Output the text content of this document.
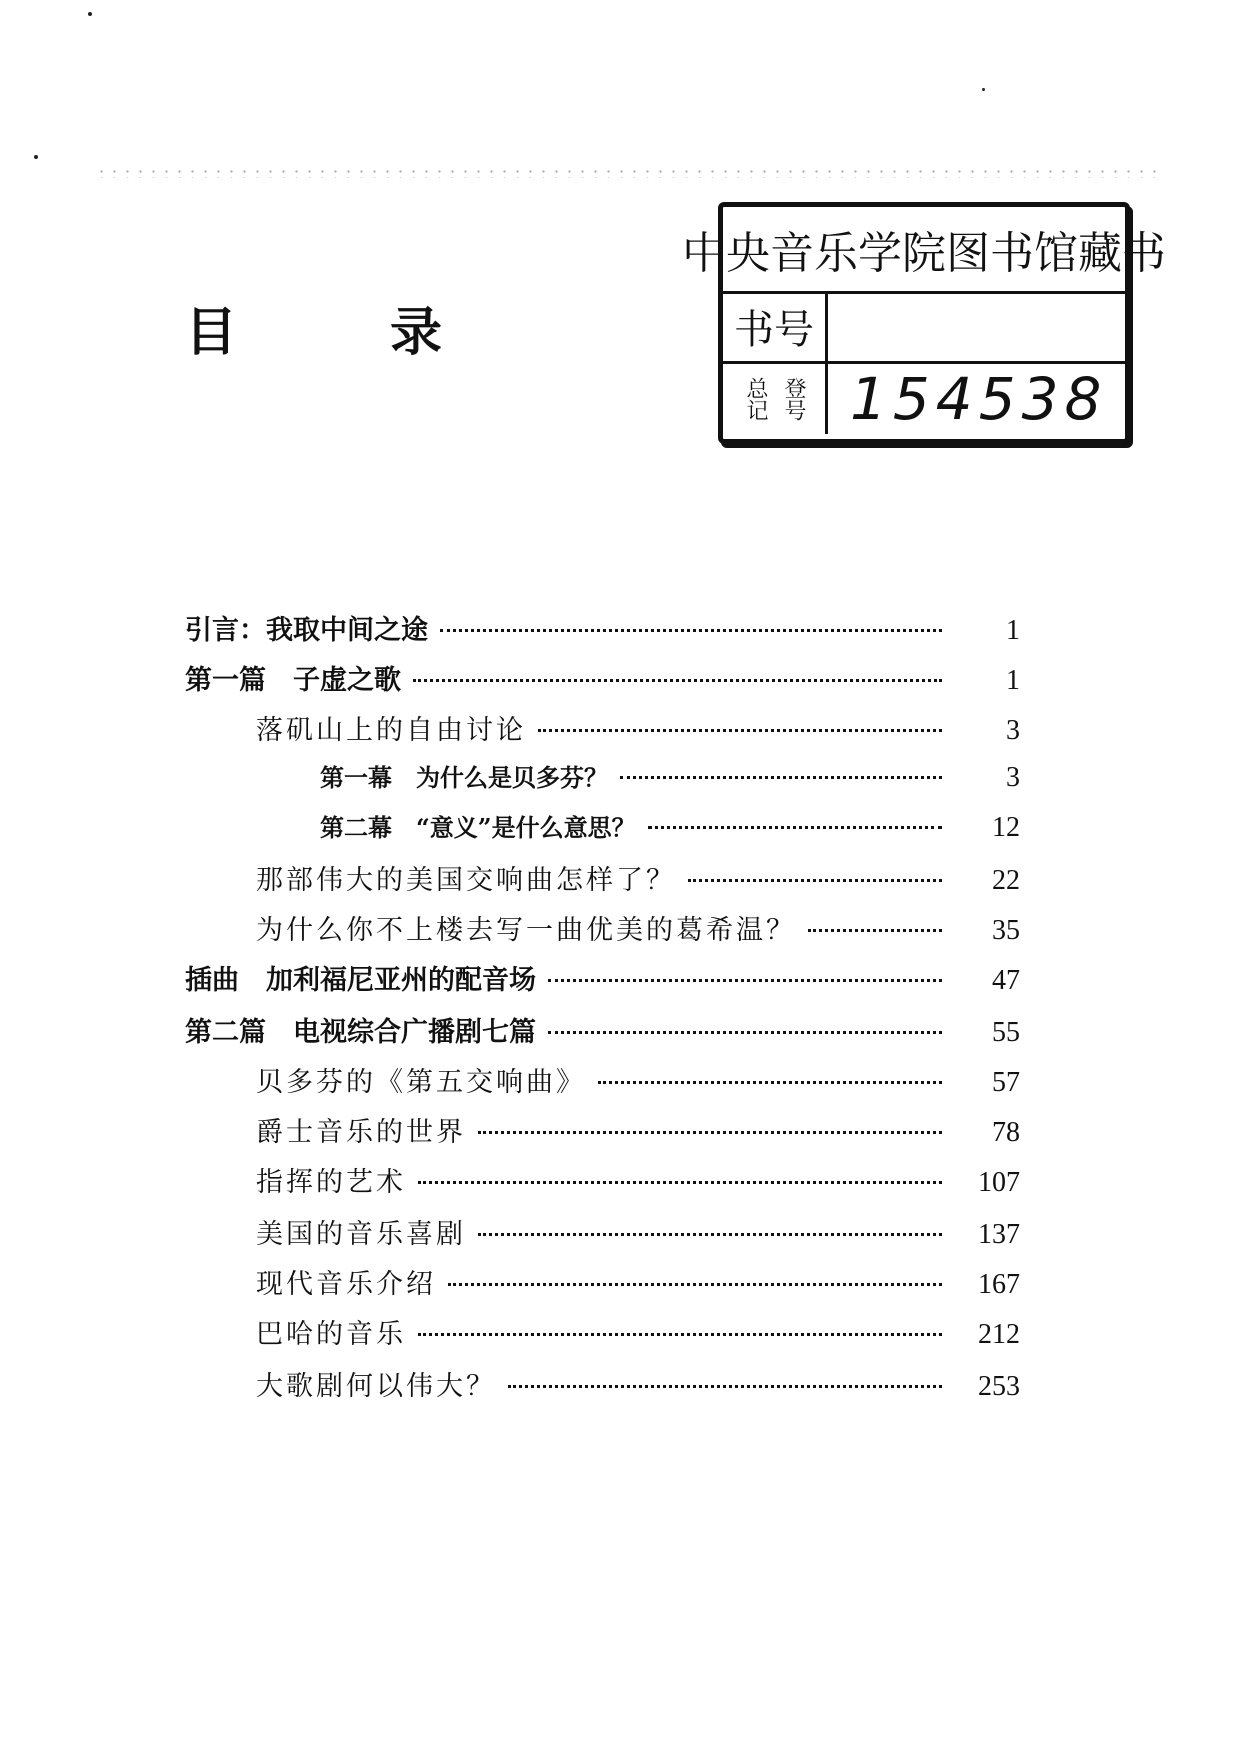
目	录
中央音乐学院图书馆藏书
书号
总记 登号 154538
引言：我取中间之途	1
第一篇　子虚之歌	1
落矶山上的自由讨论	3
第一幕　为什么是贝多芬？	3
第二幕　“意义”是什么意思？	12
那部伟大的美国交响曲怎样了？	22
为什么你不上楼去写一曲优美的葛希温？	35
插曲　加利福尼亚州的配音场	47
第二篇　电视综合广播剧七篇	55
贝多芬的《第五交响曲》	57
爵士音乐的世界	78
指挥的艺术	107
美国的音乐喜剧	137
现代音乐介绍	167
巴哈的音乐	212
大歌剧何以伟大？	253
